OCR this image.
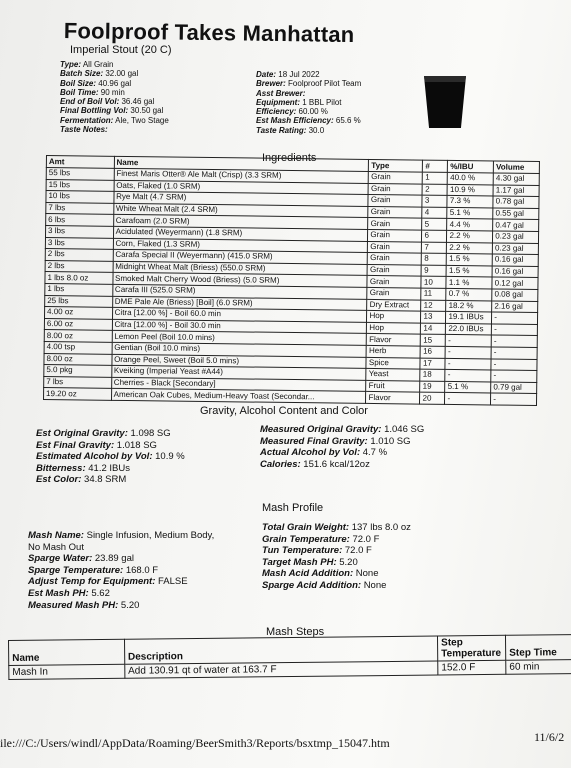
Foolproof Takes Manhattan
Imperial Stout (20 C)
Type: All Grain
Batch Size: 32.00 gal
Boil Size: 40.96 gal
Boil Time: 90 min
End of Boil Vol: 36.46 gal
Final Bottling Vol: 30.50 gal
Fermentation: Ale, Two Stage
Taste Notes:
Date: 18 Jul 2022
Brewer: Foolproof Pilot Team
Asst Brewer:
Equipment: 1 BBL Pilot
Efficiency: 60.00 %
Est Mash Efficiency: 65.6 %
Taste Rating: 30.0
Ingredients
Amt	Name	Type	#	%/IBU	Volume
55 lbs	Finest Maris Otter® Ale Malt (Crisp) (3.3 SRM)	Grain	1	40.0 %	4.30 gal
15 lbs	Oats, Flaked (1.0 SRM)	Grain	2	10.9 %	1.17 gal
10 lbs	Rye Malt (4.7 SRM)	Grain	3	7.3 %	0.78 gal
7 lbs	White Wheat Malt (2.4 SRM)	Grain	4	5.1 %	0.55 gal
6 lbs	Carafoam (2.0 SRM)	Grain	5	4.4 %	0.47 gal
3 lbs	Acidulated (Weyermann) (1.8 SRM)	Grain	6	2.2 %	0.23 gal
3 lbs	Corn, Flaked (1.3 SRM)	Grain	7	2.2 %	0.23 gal
2 lbs	Carafa Special II (Weyermann) (415.0 SRM)	Grain	8	1.5 %	0.16 gal
2 lbs	Midnight Wheat Malt (Briess) (550.0 SRM)	Grain	9	1.5 %	0.16 gal
1 lbs 8.0 oz	Smoked Malt Cherry Wood (Briess) (5.0 SRM)	Grain	10	1.1 %	0.12 gal
1 lbs	Carafa III (525.0 SRM)	Grain	11	0.7 %	0.08 gal
25 lbs	DME Pale Ale (Briess) [Boil] (6.0 SRM)	Dry Extract	12	18.2 %	2.16 gal
4.00 oz	Citra [12.00 %] - Boil 60.0 min	Hop	13	19.1 IBUs	-
6.00 oz	Citra [12.00 %] - Boil 30.0 min	Hop	14	22.0 IBUs	-
8.00 oz	Lemon Peel (Boil 10.0 mins)	Flavor	15	-	-
4.00 tsp	Gentian (Boil 10.0 mins)	Herb	16	-	-
8.00 oz	Orange Peel, Sweet (Boil 5.0 mins)	Spice	17	-	-
5.0 pkg	Kveiking (Imperial Yeast #A44)	Yeast	18	-	-
7 lbs	Cherries - Black [Secondary]	Fruit	19	5.1 %	0.79 gal
19.20 oz	American Oak Cubes, Medium-Heavy Toast (Secondar...	Flavor	20	-	-
Gravity, Alcohol Content and Color
Est Original Gravity: 1.098 SG
Est Final Gravity: 1.018 SG
Estimated Alcohol by Vol: 10.9 %
Bitterness: 41.2 IBUs
Est Color: 34.8 SRM
Measured Original Gravity: 1.046 SG
Measured Final Gravity: 1.010 SG
Actual Alcohol by Vol: 4.7 %
Calories: 151.6 kcal/12oz
Mash Profile
Mash Name: Single Infusion, Medium Body,
No Mash Out
Sparge Water: 23.89 gal
Sparge Temperature: 168.0 F
Adjust Temp for Equipment: FALSE
Est Mash PH: 5.62
Measured Mash PH: 5.20
Total Grain Weight: 137 lbs 8.0 oz
Grain Temperature: 72.0 F
Tun Temperature: 72.0 F
Target Mash PH: 5.20
Mash Acid Addition: None
Sparge Acid Addition: None
Mash Steps
Name	Description	Step Temperature	Step Time
Mash In	Add 130.91 qt of water at 163.7 F	152.0 F	60 min
ile:///C:/Users/windl/AppData/Roaming/BeerSmith3/Reports/bsxtmp_15047.htm	11/6/2
